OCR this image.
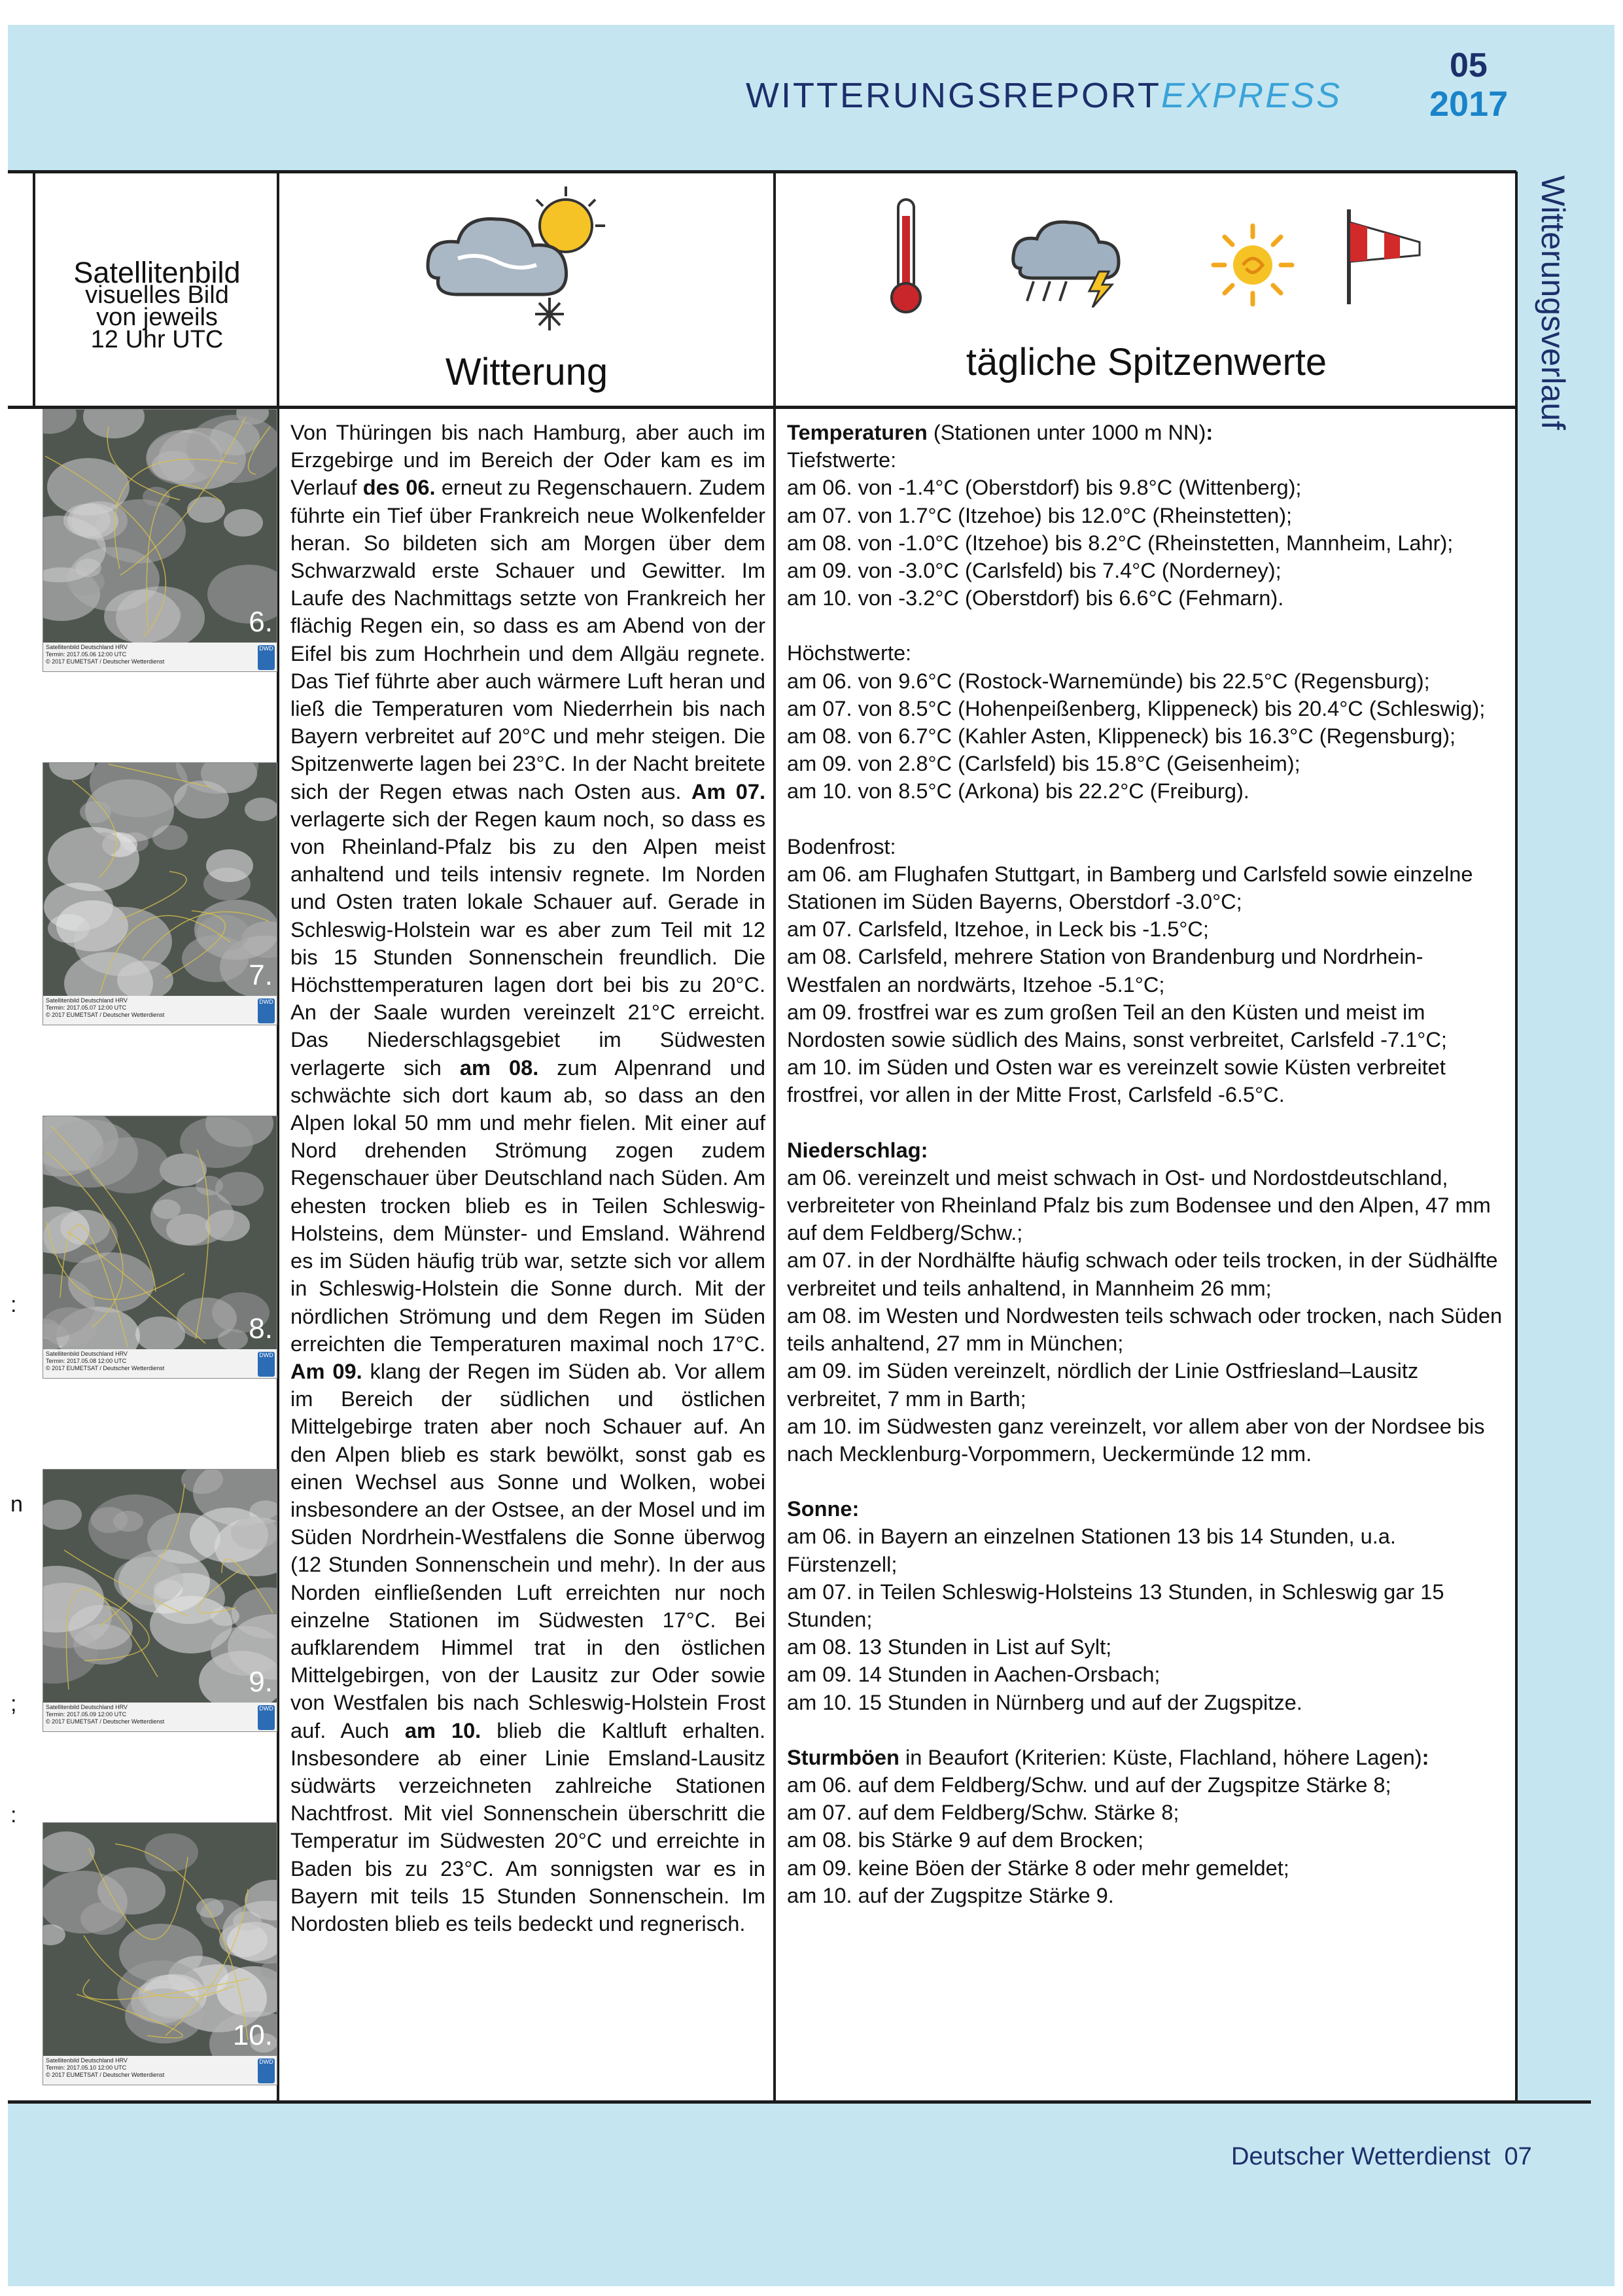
WITTERUNGSREPORTEXPRESS
05
2017
Satellitenbild
visuelles Bild
von jeweils
12 Uhr UTC
Witterung	tägliche Spitzenwerte	Witterungsverlauf
6.
Satellitenbild Deutschland HRV
Termin: 2017.05.06 12:00 UTC
© 2017 EUMETSAT / Deutscher Wetterdienst
DWD
7.
Satellitenbild Deutschland HRV
Termin: 2017.05.07 12:00 UTC
© 2017 EUMETSAT / Deutscher Wetterdienst
DWD
8.
Satellitenbild Deutschland HRV
Termin: 2017.05.08 12:00 UTC
© 2017 EUMETSAT / Deutscher Wetterdienst
DWD
9.
Satellitenbild Deutschland HRV
Termin: 2017.05.09 12:00 UTC
© 2017 EUMETSAT / Deutscher Wetterdienst
DWD
10.
Satellitenbild Deutschland HRV
Termin: 2017.05.10 12:00 UTC
© 2017 EUMETSAT / Deutscher Wetterdienst
DWD
Von Thüringen bis nach Hamburg, aber auch im Erzgebirge und im Bereich der Oder kam es im Verlauf des 06. erneut zu Regenschauern. Zudem führte ein Tief über Frankreich neue Wolkenfelder heran. So bildeten sich am Morgen über dem Schwarzwald erste Schauer und Gewitter. Im Laufe des Nachmittags setzte von Frankreich her flächig Regen ein, so dass es am Abend von der Eifel bis zum Hochrhein und dem Allgäu regnete. Das Tief führte aber auch wärmere Luft heran und ließ die Temperaturen vom Niederrhein bis nach Bayern verbreitet auf 20°C und mehr steigen. Die Spitzenwerte lagen bei 23°C. In der Nacht breitete sich der Regen etwas nach Osten aus. Am 07. verlagerte sich der Regen kaum noch, so dass es von Rheinland-Pfalz bis zu den Alpen meist anhaltend und teils intensiv regnete. Im Norden und Osten traten lokale Schauer auf. Gerade in Schleswig-Holstein war es aber zum Teil mit 12 bis 15 Stunden Sonnenschein freundlich. Die Höchsttemperaturen lagen dort bei bis zu 20°C. An der Saale wurden vereinzelt 21°C erreicht. Das Niederschlagsgebiet im Südwesten verlagerte sich am 08. zum Alpenrand und schwächte sich dort kaum ab, so dass an den Alpen lokal 50 mm und mehr fielen. Mit einer auf Nord drehenden Strömung zogen zudem Regenschauer über Deutschland nach Süden. Am ehesten trocken blieb es in Teilen Schleswig-Holsteins, dem Münster- und Emsland. Während es im Süden häufig trüb war, setzte sich vor allem in Schleswig-Holstein die Sonne durch. Mit der nördlichen Strömung und dem Regen im Süden erreichten die Temperaturen maximal noch 17°C. Am 09. klang der Regen im Süden ab. Vor allem im Bereich der südlichen und östlichen Mittelgebirge traten aber noch Schauer auf. An den Alpen blieb es stark bewölkt, sonst gab es einen Wechsel aus Sonne und Wolken, wobei insbesondere an der Ostsee, an der Mosel und im Süden Nordrhein-Westfalens die Sonne überwog (12 Stunden Sonnenschein und mehr). In der aus Norden einfließenden Luft erreichten nur noch einzelne Stationen im Südwesten 17°C. Bei aufklarendem Himmel trat in den östlichen Mittelgebirgen, von der Lausitz zur Oder sowie von Westfalen bis nach Schleswig-Holstein Frost auf. Auch am 10. blieb die Kaltluft erhalten. Insbesondere ab einer Linie Emsland-Lausitz südwärts verzeichneten zahlreiche Stationen Nachtfrost. Mit viel Sonnenschein überschritt die Temperatur im Südwesten 20°C und erreichte in Baden bis zu 23°C. Am sonnigsten war es in Bayern mit teils 15 Stunden Sonnenschein. Im Nordosten blieb es teils bedeckt und regnerisch.

Temperaturen (Stationen unter 1000 m NN):

Tiefstwerte:

am 06. von -1.4°C (Oberstdorf) bis 9.8°C (Wittenberg);

am 07. von 1.7°C (Itzehoe) bis 12.0°C (Rheinstetten);

am 08. von -1.0°C (Itzehoe) bis 8.2°C (Rheinstetten, Mannheim, Lahr);

am 09. von -3.0°C (Carlsfeld) bis 7.4°C (Norderney);

am 10. von -3.2°C (Oberstdorf) bis 6.6°C (Fehmarn).

Höchstwerte:

am 06. von 9.6°C (Rostock-Warnemünde) bis 22.5°C (Regensburg);

am 07. von 8.5°C (Hohenpeißenberg, Klippeneck) bis 20.4°C (Schleswig);

am 08. von 6.7°C (Kahler Asten, Klippeneck) bis 16.3°C (Regensburg);

am 09. von 2.8°C (Carlsfeld) bis 15.8°C (Geisenheim);

am 10. von 8.5°C (Arkona) bis 22.2°C (Freiburg).

Bodenfrost:

am 06. am Flughafen Stuttgart, in Bamberg und Carlsfeld sowie einzelne Stationen im Süden Bayerns, Oberstdorf -3.0°C;

am 07. Carlsfeld, Itzehoe, in Leck bis -1.5°C;

am 08. Carlsfeld, mehrere Station von Brandenburg und Nordrhein-Westfalen an nordwärts, Itzehoe -5.1°C;

am 09. frostfrei war es zum großen Teil an den Küsten und meist im Nordosten sowie südlich des Mains, sonst verbreitet, Carlsfeld -7.1°C;

am 10. im Süden und Osten war es vereinzelt sowie Küsten verbreitet frostfrei, vor allen in der Mitte Frost, Carlsfeld -6.5°C.

Niederschlag:

am 06. vereinzelt und meist schwach in Ost- und Nordostdeutschland, verbreiteter von Rheinland Pfalz bis zum Bodensee und den Alpen, 47 mm auf dem Feldberg/Schw.;

am 07. in der Nordhälfte häufig schwach oder teils trocken, in der Südhälfte verbreitet und teils anhaltend, in Mannheim 26 mm;

am 08. im Westen und Nordwesten teils schwach oder trocken, nach Süden teils anhaltend, 27 mm in München;

am 09. im Süden vereinzelt, nördlich der Linie Ostfriesland–Lausitz verbreitet, 7 mm in Barth;

am 10. im Südwesten ganz vereinzelt, vor allem aber von der Nordsee bis nach Mecklenburg-Vorpommern, Ueckermünde 12 mm.

Sonne:

am 06. in Bayern an einzelnen Stationen 13 bis 14 Stunden, u.a. Fürstenzell;

am 07. in Teilen Schleswig-Holsteins 13 Stunden, in Schleswig gar 15 Stunden;

am 08. 13 Stunden in List auf Sylt;

am 09. 14 Stunden in Aachen-Orsbach;

am 10. 15 Stunden in Nürnberg und auf der Zugspitze.

Sturmböen in Beaufort (Kriterien: Küste, Flachland, höhere Lagen):

am 06. auf dem Feldberg/Schw. und auf der Zugspitze Stärke 8;

am 07. auf dem Feldberg/Schw. Stärke 8;

am 08. bis Stärke 9 auf dem Brocken;

am 09. keine Böen der Stärke 8 oder mehr gemeldet;

am 10. auf der Zugspitze Stärke 9.

:
n
;
:
Deutscher Wetterdienst 07
